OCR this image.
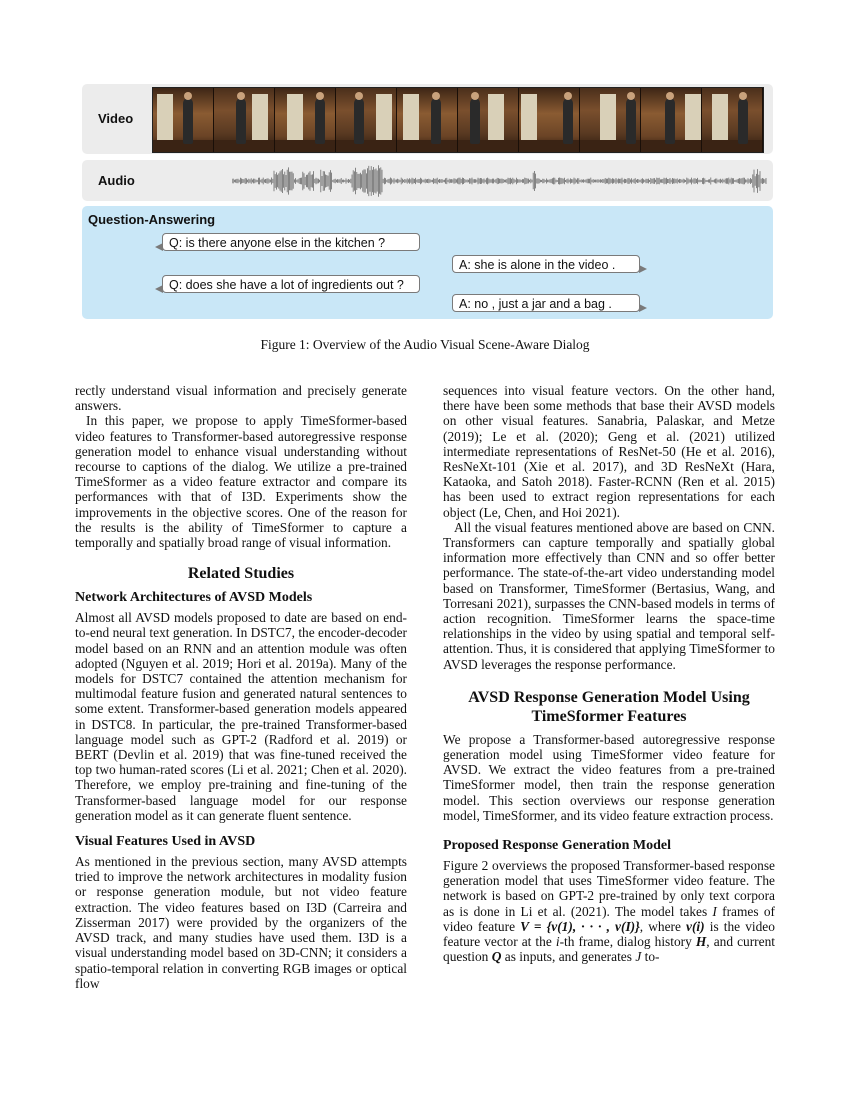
Video
Audio
Question-Answering
Q: is there anyone else in the kitchen ?
A: she is alone in the video .
Q: does she have a lot of ingredients out ?
A: no , just a jar and a bag .
Figure 1: Overview of the Audio Visual Scene-Aware Dialog

rectly understand visual information and precisely generate answers.

In this paper, we propose to apply TimeSformer-based video features to Transformer-based autoregressive response generation model to enhance visual understanding without recourse to captions of the dialog. We utilize a pre-trained TimeSformer as a video feature extractor and compare its performances with that of I3D. Experiments show the improvements in the objective scores. One of the reason for the results is the ability of TimeSformer to capture a temporally and spatially broad range of visual information.

Related Studies
Network Architectures of AVSD Models

Almost all AVSD models proposed to date are based on end-to-end neural text generation. In DSTC7, the encoder-decoder model based on an RNN and an attention module was often adopted (Nguyen et al. 2019; Hori et al. 2019a). Many of the models for DSTC7 contained the attention mechanism for multimodal feature fusion and generated natural sentences to some extent. Transformer-based generation models appeared in DSTC8. In particular, the pre-trained Transformer-based language model such as GPT-2 (Radford et al. 2019) or BERT (Devlin et al. 2019) that was fine-tuned received the top two human-rated scores (Li et al. 2021; Chen et al. 2020). Therefore, we employ pre-training and fine-tuning of the Transformer-based language model for our response generation model as it can generate fluent sentence.

Visual Features Used in AVSD

As mentioned in the previous section, many AVSD attempts tried to improve the network architectures in modality fusion or response generation module, but not video feature extraction. The video features based on I3D (Carreira and Zisserman 2017) were provided by the organizers of the AVSD track, and many studies have used them. I3D is a visual understanding model based on 3D-CNN; it considers a spatio-temporal relation in converting RGB images or optical flow

sequences into visual feature vectors. On the other hand, there have been some methods that base their AVSD models on other visual features. Sanabria, Palaskar, and Metze (2019); Le et al. (2020); Geng et al. (2021) utilized intermediate representations of ResNet-50 (He et al. 2016), ResNeXt-101 (Xie et al. 2017), and 3D ResNeXt (Hara, Kataoka, and Satoh 2018). Faster-RCNN (Ren et al. 2015) has been used to extract region representations for each object (Le, Chen, and Hoi 2021).

All the visual features mentioned above are based on CNN. Transformers can capture temporally and spatially global information more effectively than CNN and so offer better performance. The state-of-the-art video understanding model based on Transformer, TimeSformer (Bertasius, Wang, and Torresani 2021), surpasses the CNN-based models in terms of action recognition. TimeSformer learns the space-time relationships in the video by using spatial and temporal self-attention. Thus, it is considered that applying TimeSformer to AVSD leverages the response performance.

AVSD Response Generation Model Using TimeSformer Features

We propose a Transformer-based autoregressive response generation model using TimeSformer video feature for AVSD. We extract the video features from a pre-trained TimeSformer model, then train the response generation model. This section overviews our response generation model, TimeSformer, and its video feature extraction process.

Proposed Response Generation Model

Figure 2 overviews the proposed Transformer-based response generation model that uses TimeSformer video feature. The network is based on GPT-2 pre-trained by only text corpora as is done in Li et al. (2021). The model takes I frames of video feature V = {v(1), · · · , v(I)}, where v(i) is the video feature vector at the i-th frame, dialog history H, and current question Q as inputs, and generates J to-
